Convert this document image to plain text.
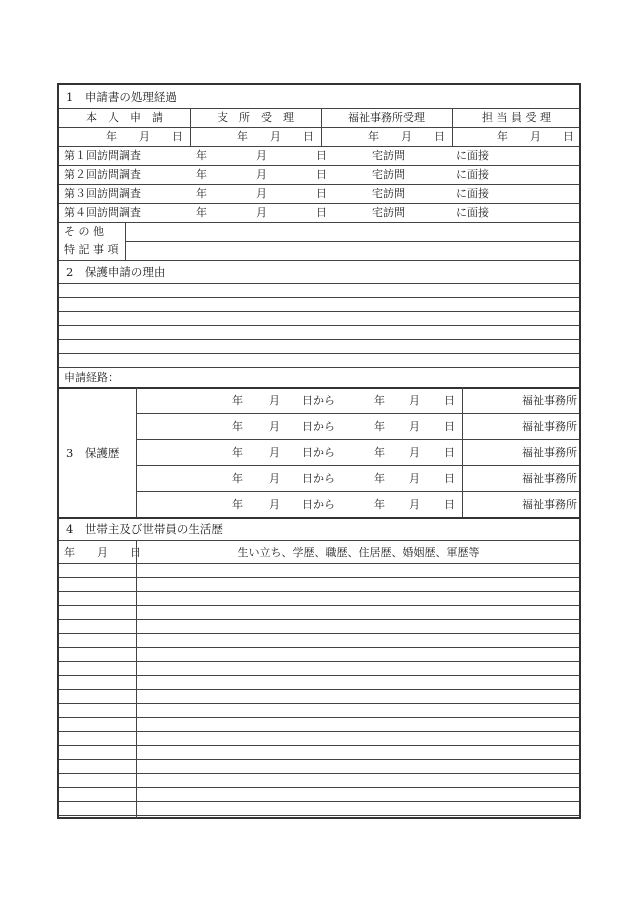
1　申請書の処理経過
本　人　申　請	支　所　受　理	福祉事務所受理	担 当 員 受 理
年　　月　　日	年　　月　　日	年　　月　　日	年　　月　　日
第１回訪問調査	年	月	日	宅訪問	に面接
第２回訪問調査	年	月	日	宅訪問	に面接
第３回訪問調査	年	月	日	宅訪問	に面接
第４回訪問調査	年	月	日	宅訪問	に面接
そ の 他
特 記 事 項
2　保護申請の理由
申請経路：
3　保護歴
年 月 日から	年 月 日	福祉事務所
年 月 日から	年 月 日	福祉事務所
年 月 日から	年 月 日	福祉事務所
年 月 日から	年 月 日	福祉事務所
年 月 日から	年 月 日	福祉事務所
4　世帯主及び世帯員の生活歴
年　　月　　日	生い立ち、学歴、職歴、住居歴、婚姻歴、軍歴等
